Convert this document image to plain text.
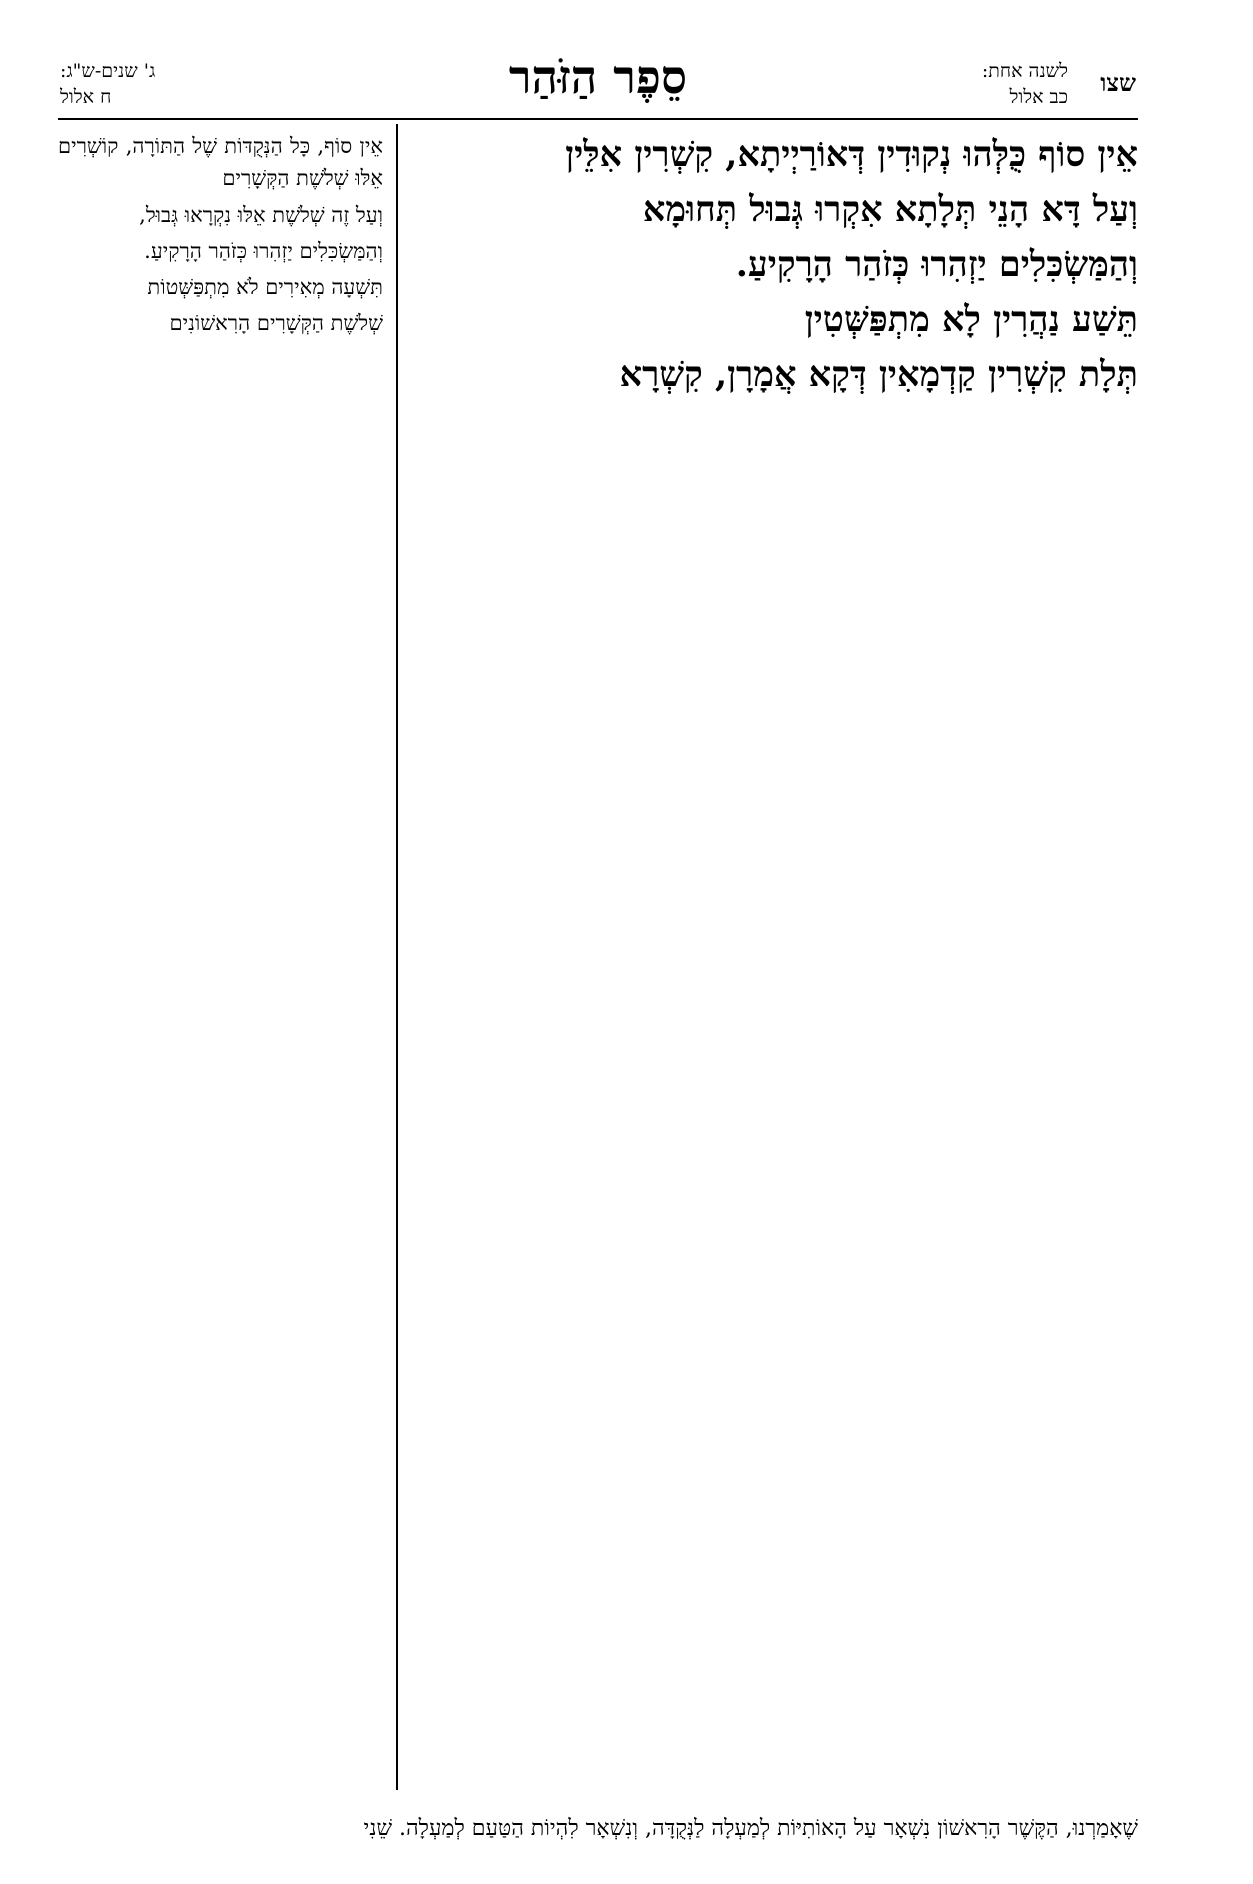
שצו
לשנה אחת:
כב אלול
סֵפֶר הַזֹּהַר
ג' שנים-ש"ג:
ח אלול

אֵין סוֹף כֻּלְּהוּ נְקוּדִין דְּאוֹרַיְיתָא, קִשְׁרִין אִלֵּין

וְעַל דָּא הָנֵי תְּלָתָא אִקְרוּ גְּבוּל תְּחוּמָא

וְהַמַּשְׂכִּלִים יַזְהִרוּ כְּזֹהַר הָרָקִיעַ.

תֵּשַׁע נַהֲרִין לָא מִתְפַּשְּׁטִין

תְּלָת קִשְׁרִין קַדְמָאִין דְּקָא אֲמָרָן, קִשְׁרָא

אֵין סוֹף, כָּל הַנְּקֻדּוֹת שֶׁל הַתּוֹרָה, קוֹשְׁרִים אֵלּוּ שְׁלֹשֶׁת הַקְּשָׁרִים

וְעַל זֶה שְׁלֹשֶׁת אֵלּוּ נִקְרָאוּ גְּבוּל,

וְהַמַּשְׂכִּלִים יַזְהִרוּ כְּזֹהַר הָרָקִיעַ.

תִּשְׁעָה מְאִירִים לֹא מִתְפַּשְּׁטוֹת

שְׁלֹשֶׁת הַקְּשָׁרִים הָרִאשׁוֹנִים

שֶׁאָמַרְנוּ, הַקֶּשֶׁר הָרִאשׁוֹן נִשְׁאָר עַל הָאוֹתִיּוֹת לְמַעְלָה לַנְּקֻדָּה, וְנִשְׁאָר לִהְיוֹת הַטַּעַם לְמַעְלָה. שֵׁנִי
